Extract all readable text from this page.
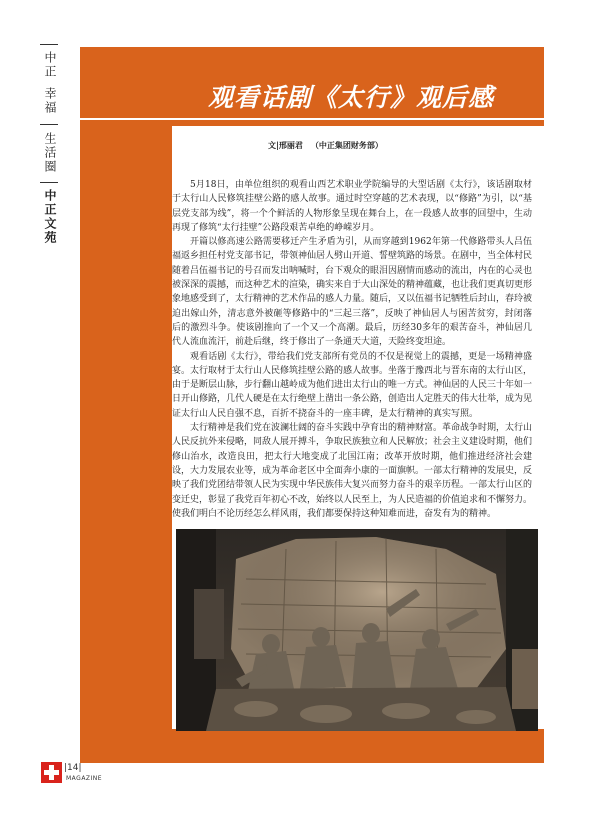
中正
幸福
生活圈
中正文苑
观看话剧《太行》观后感
文|邢丽君 （中正集团财务部）

5月18日，由单位组织的观看山西艺术职业学院编导的大型话剧《太行》，该话剧取材于太行山人民修筑挂壁公路的感人故事。通过时空穿越的艺术表现，以“修路”为引，以“基层党支部为线”，将一个个鲜活的人物形象呈现在舞台上，在一段感人故事的回望中，生动再现了修筑“太行挂壁”公路段艰苦卓绝的峥嵘岁月。

开篇以修高速公路需要移迁产生矛盾为引，从而穿越到1962年第一代修路带头人吕伍福返乡担任村党支部书记，带领神仙居人劈山开道、誓壁筑路的场景。在剧中，当全体村民随着吕伍福书记的号召而发出呐喊时，台下观众的眼泪因剧情而感动的流出，内在的心灵也被深深的震撼，而这种艺术的渲染，确实来自于大山深处的精神蕴藏，也让我们更真切更形象地感受到了，太行精神的艺术作品的感人力量。随后，又以伍福书记牺牲后封山，春玲被迫出嫁山外，清志意外被砸等修路中的“三起三落”，反映了神仙居人与困苦贫穷，封闭落后的激烈斗争。使该剧推向了一个又一个高潮。最后，历经30多年的艰苦奋斗，神仙居几代人流血流汗，前赴后继，终于修出了一条通天大道，天险终变坦途。

观看话剧《太行》，带给我们党支部所有党员的不仅是视觉上的震撼，更是一场精神盛宴。太行取材于太行山人民修筑挂壁公路的感人故事。坐落于豫西北与晋东南的太行山区，由于是断层山脉，步行翻山越岭成为他们进出太行山的唯一方式。神仙居的人民三十年如一日开山修路，几代人硬是在太行绝壁上凿出一条公路，创造出人定胜天的伟大壮举，成为见证太行山人民自强不息，百折不挠奋斗的一座丰碑，是太行精神的真实写照。

太行精神是我们党在波澜壮阔的奋斗实践中孕育出的精神财富。革命战争时期，太行山人民反抗外来侵略，同敌人展开搏斗，争取民族独立和人民解放；社会主义建设时期，他们修山治水，改造良田，把太行大地变成了北国江南；改革开放时期，他们推进经济社会建设，大力发展农业等，成为革命老区中全面奔小康的一面旗帜。一部太行精神的发展史，反映了我们党团结带领人民为实现中华民族伟大复兴而努力奋斗的艰辛历程。一部太行山区的变迁史，彰显了我党百年初心不改，始终以人民至上，为人民造福的价值追求和不懈努力。使我们明白不论历经怎么样风雨，我们都要保持这种知难而进，奋发有为的精神。

|14|
MAGAZINE
